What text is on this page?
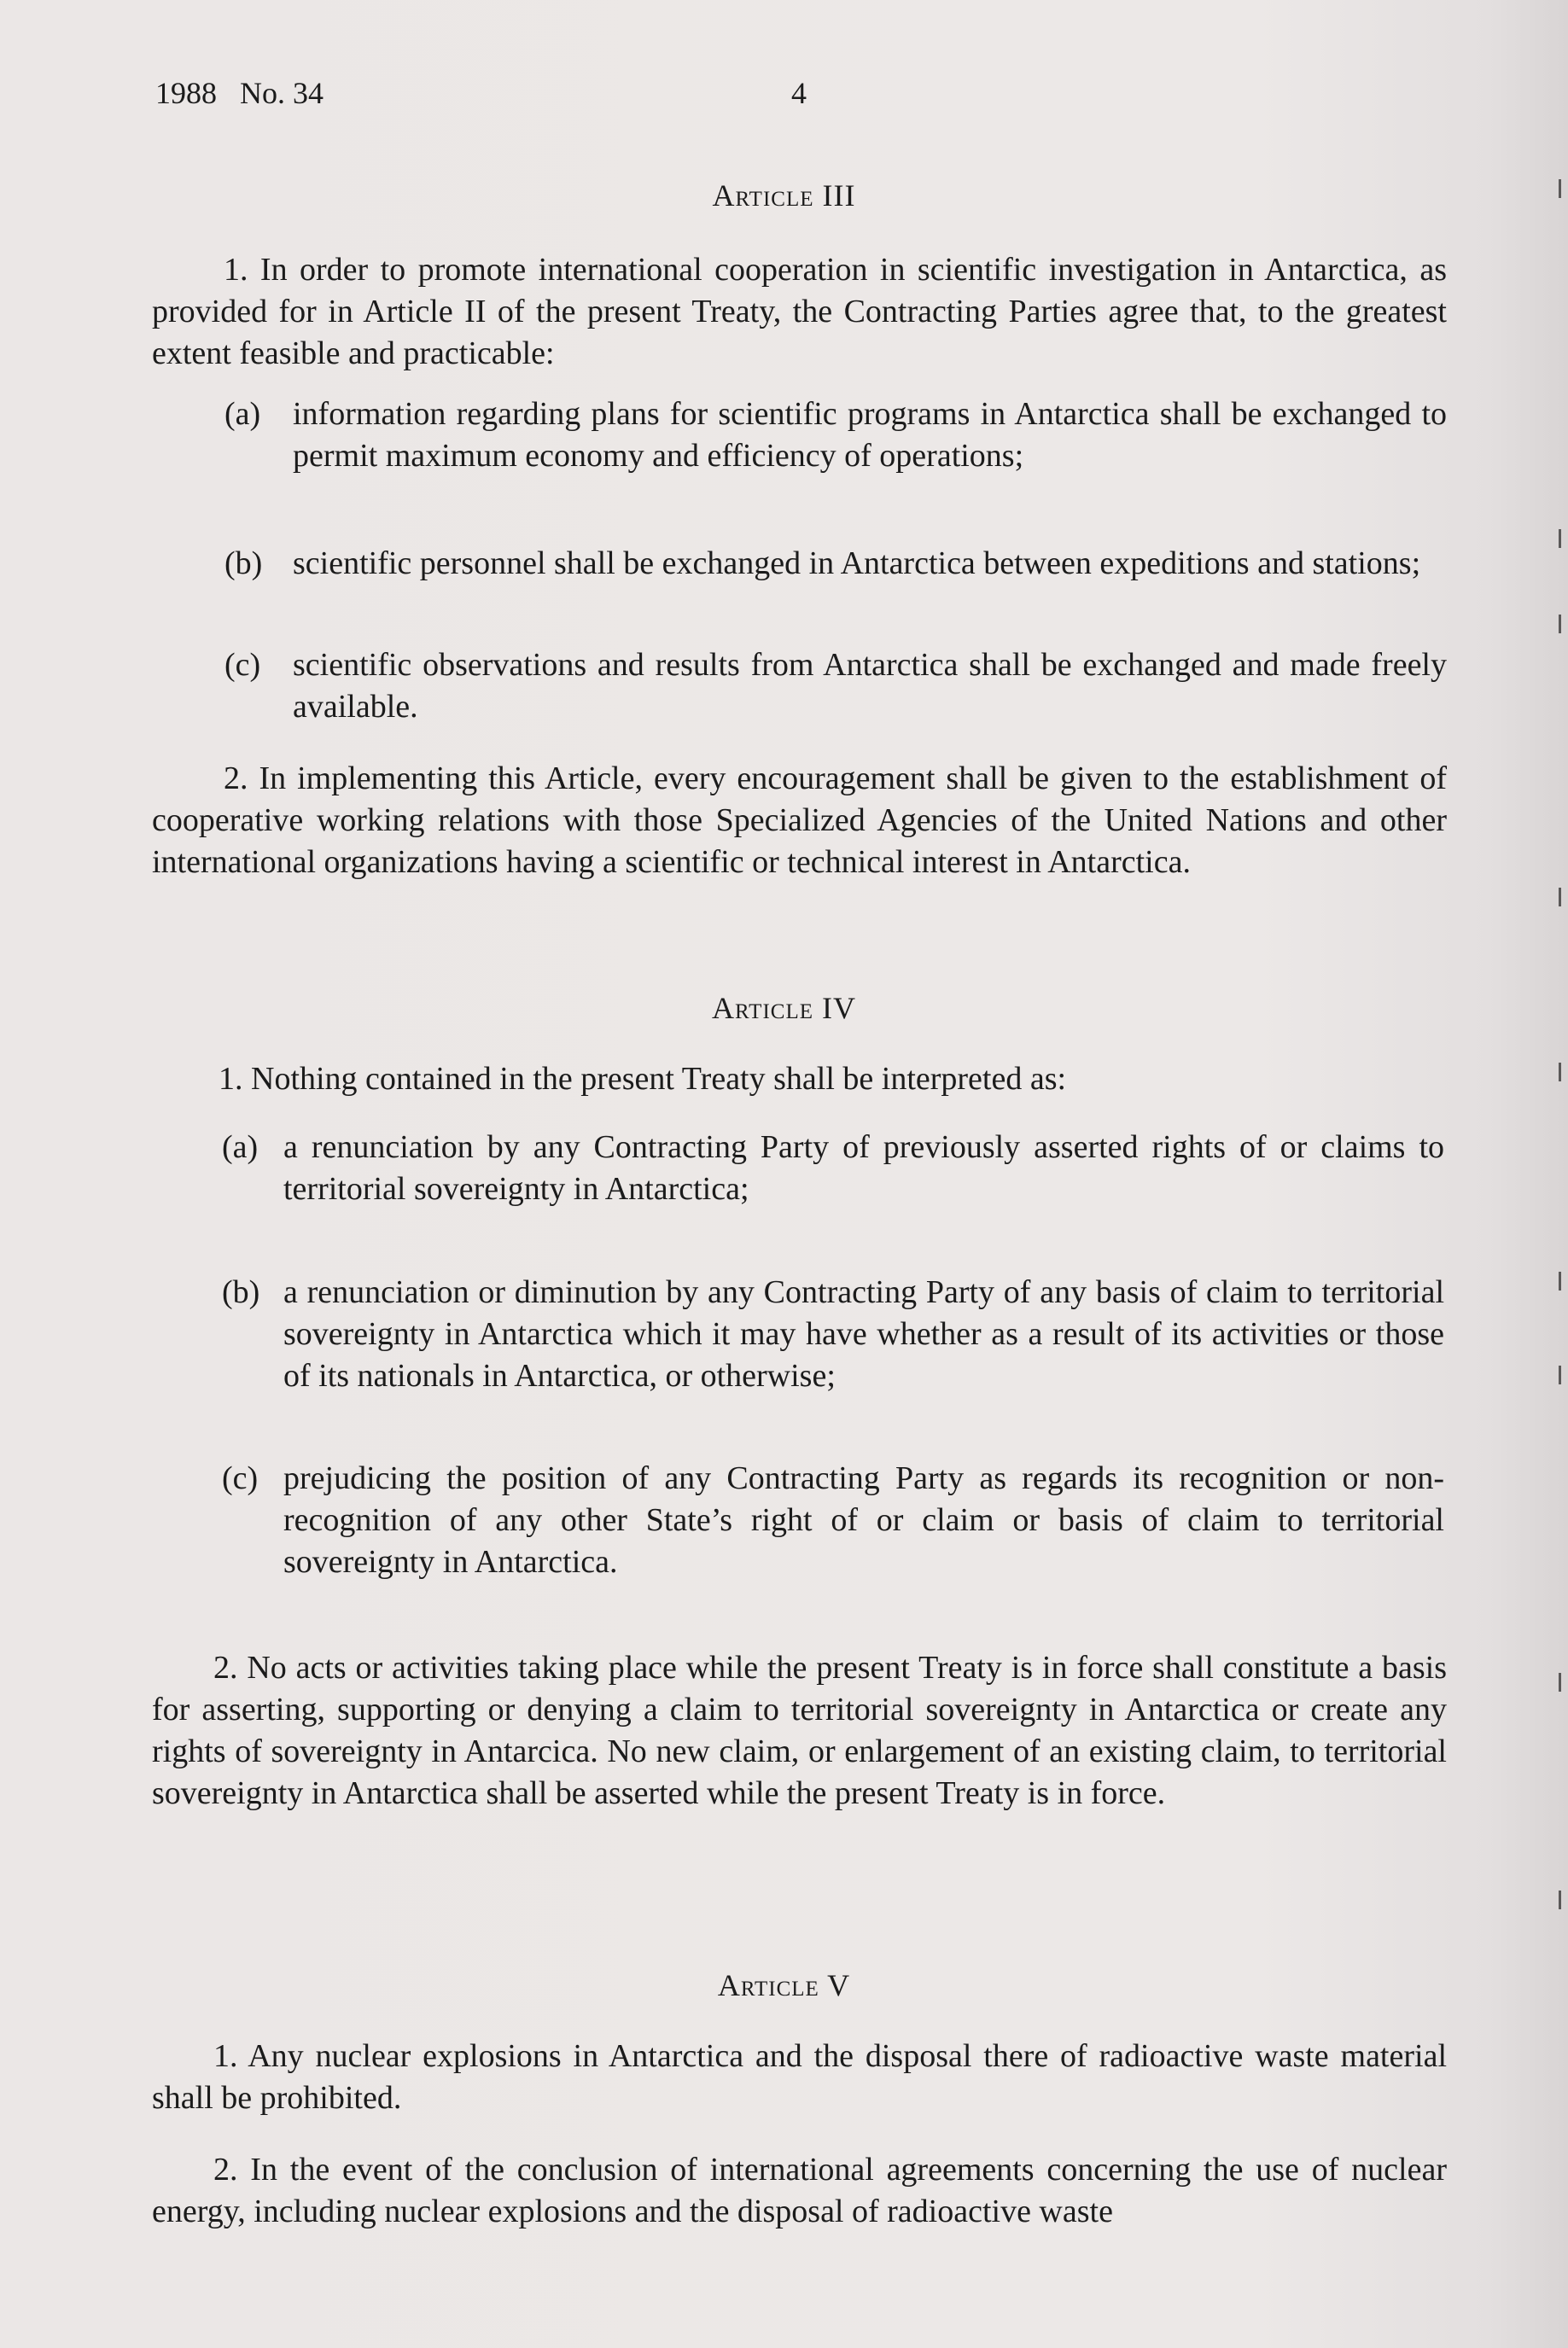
1988   No. 34	4
Article III
1. In order to promote international cooperation in scientific investigation in Antarctica, as provided for in Article II of the present Treaty, the Contracting Parties agree that, to the greatest extent feasible and practicable:
(a) information regarding plans for scientific programs in Antarctica shall be exchanged to permit maximum economy and efficiency of operations;
(b) scientific personnel shall be exchanged in Antarctica between expeditions and stations;
(c) scientific observations and results from Antarctica shall be exchanged and made freely available.
2. In implementing this Article, every encouragement shall be given to the establishment of cooperative working relations with those Specialized Agencies of the United Nations and other international organizations having a scientific or technical interest in Antarctica.
Article IV
1. Nothing contained in the present Treaty shall be interpreted as:
(a) a renunciation by any Contracting Party of previously asserted rights of or claims to territorial sovereignty in Antarctica;
(b) a renunciation or diminution by any Contracting Party of any basis of claim to territorial sovereignty in Antarctica which it may have whether as a result of its activities or those of its nationals in Antarctica, or otherwise;
(c) prejudicing the position of any Contracting Party as regards its recognition or non-recognition of any other State’s right of or claim or basis of claim to territorial sovereignty in Antarctica.
2. No acts or activities taking place while the present Treaty is in force shall constitute a basis for asserting, supporting or denying a claim to territorial sovereignty in Antarctica or create any rights of sovereignty in Antarcica. No new claim, or enlargement of an existing claim, to territorial sovereignty in Antarctica shall be asserted while the present Treaty is in force.
Article V
1. Any nuclear explosions in Antarctica and the disposal there of radioactive waste material shall be prohibited.
2. In the event of the conclusion of international agreements concerning the use of nuclear energy, including nuclear explosions and the disposal of radioactive waste
